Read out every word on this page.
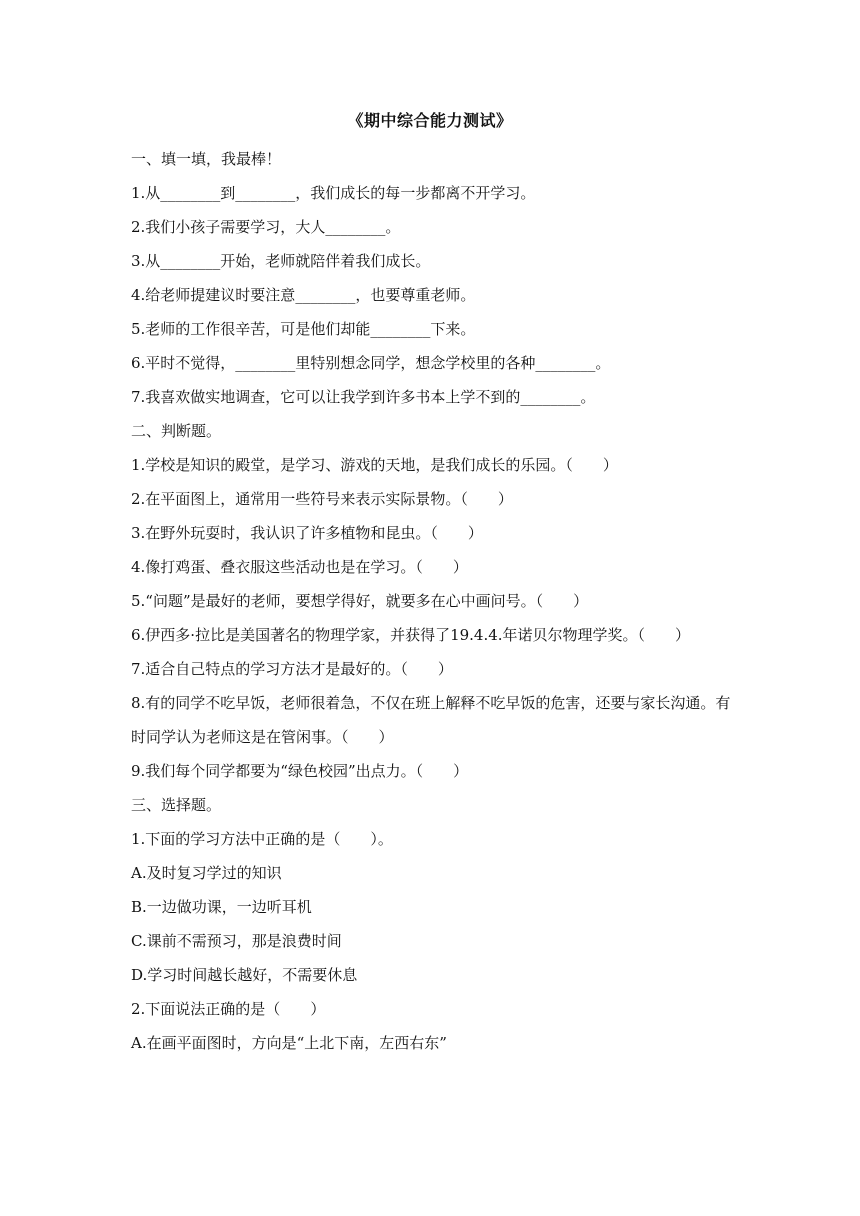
《期中综合能力测试》
一、填一填，我最棒！
1.从________到________，我们成长的每一步都离不开学习。
2.我们小孩子需要学习，大人________。
3.从________开始，老师就陪伴着我们成长。
4.给老师提建议时要注意________，也要尊重老师。
5.老师的工作很辛苦，可是他们却能________下来。
6.平时不觉得，________里特别想念同学，想念学校里的各种________。
7.我喜欢做实地调查，它可以让我学到许多书本上学不到的________。
二、判断题。
1.学校是知识的殿堂，是学习、游戏的天地，是我们成长的乐园。（　　）
2.在平面图上，通常用一些符号来表示实际景物。（　　）
3.在野外玩耍时，我认识了许多植物和昆虫。（　　）
4.像打鸡蛋、叠衣服这些活动也是在学习。（　　）
5.“问题”是最好的老师，要想学得好，就要多在心中画问号。（　　）
6.伊西多·拉比是美国著名的物理学家，并获得了19.4.4.年诺贝尔物理学奖。（　　）
7.适合自己特点的学习方法才是最好的。（　　）
8.有的同学不吃早饭，老师很着急，不仅在班上解释不吃早饭的危害，还要与家长沟通。有时同学认为老师这是在管闲事。（　　）
9.我们每个同学都要为“绿色校园”出点力。（　　）
三、选择题。
1.下面的学习方法中正确的是（　　）。
A.及时复习学过的知识
B.一边做功课，一边听耳机
C.课前不需预习，那是浪费时间
D.学习时间越长越好，不需要休息
2.下面说法正确的是（　　）
A.在画平面图时，方向是“上北下南，左西右东”
